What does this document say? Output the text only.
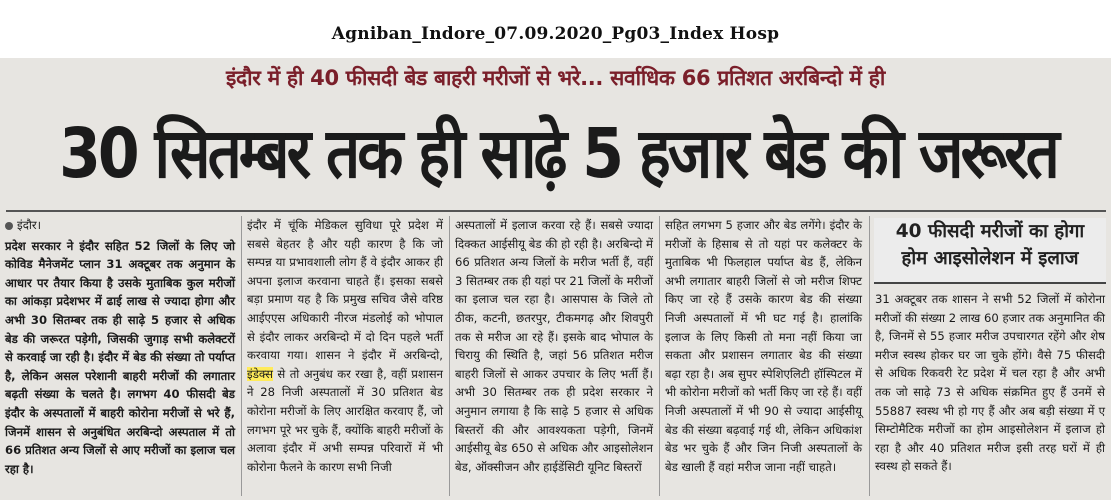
Agniban_Indore_07.09.2020_Pg03_Index Hosp
इंदौर में ही 40 फीसदी बेड बाहरी मरीजों से भरे... सर्वाधिक 66 प्रतिशत अरबिन्दो में ही
30 सितम्बर तक ही साढ़े 5 हजार बेड की जरूरत
इंदौर।

प्रदेश सरकार ने इंदौर सहित 52 जिलों के लिए जो कोविड मैनेजमेंट प्लान 31 अक्टूबर तक अनुमान के आधार पर तैयार किया है उसके मुताबिक कुल मरीजों का आंकड़ा प्रदेशभर में ढाई लाख से ज्यादा होगा और अभी 30 सितम्बर तक ही साढ़े 5 हजार से अधिक बेड की जरूरत पड़ेगी, जिसकी जुगाड़ सभी कलेक्टरों से करवाई जा रही है। इंदौर में बेड की संख्या तो पर्याप्त है, लेकिन असल परेशानी बाहरी मरीजों की लगातार बढ़ती संख्या के चलते है। लगभग 40 फीसदी बेड इंदौर के अस्पतालों में बाहरी कोरोना मरीजों से भरे हैं, जिनमें शासन से अनुबंधित अरबिन्दो अस्पताल में तो 66 प्रतिशत अन्य जिलों से आए मरीजों का इलाज चल रहा है।

इंदौर में चूंकि मेडिकल सुविधा पूरे प्रदेश में सबसे बेहतर है और यही कारण है कि जो सम्पन्न या प्रभावशाली लोग हैं वे इंदौर आकर ही अपना इलाज करवाना चाहते हैं। इसका सबसे बड़ा प्रमाण यह है कि प्रमुख सचिव जैसे वरिष्ठ आईएएस अधिकारी नीरज मंडलोई को भोपाल से इंदौर लाकर अरबिन्दो में दो दिन पहले भर्ती करवाया गया। शासन ने इंदौर में अरबिन्दो, इंडेक्स से तो अनुबंध कर रखा है, वहीं प्रशासन ने 28 निजी अस्पतालों में 30 प्रतिशत बेड कोरोना मरीजों के लिए आरक्षित करवाए हैं, जो लगभग पूरे भर चुके हैं, क्योंकि बाहरी मरीजों के अलावा इंदौर में अभी सम्पन्न परिवारों में भी कोरोना फैलने के कारण सभी निजी

अस्पतालों में इलाज करवा रहे हैं। सबसे ज्यादा दिक्कत आईसीयू बेड की हो रही है। अरबिन्दो में 66 प्रतिशत अन्य जिलों के मरीज भर्ती हैं, वहीं 3 सितम्बर तक ही यहां पर 21 जिलों के मरीजों का इलाज चल रहा है। आसपास के जिले तो ठीक, कटनी, छतरपुर, टीकमगढ़ और शिवपुरी तक से मरीज आ रहे हैं। इसके बाद भोपाल के चिरायु की स्थिति है, जहां 56 प्रतिशत मरीज बाहरी जिलों से आकर उपचार के लिए भर्ती हैं। अभी 30 सितम्बर तक ही प्रदेश सरकार ने अनुमान लगाया है कि साढ़े 5 हजार से अधिक बिस्तरों की और आवश्यकता पड़ेगी, जिनमें आईसीयू बेड 650 से अधिक और आइसोलेशन बेड, ऑक्सीजन और हाईडेंसिटी यूनिट बिस्तरों

सहित लगभग 5 हजार और बेड लगेंगे। इंदौर के मरीजों के हिसाब से तो यहां पर कलेक्टर के मुताबिक भी फिलहाल पर्याप्त बेड हैं, लेकिन अभी लगातार बाहरी जिलों से जो मरीज शिफ्ट किए जा रहे हैं उसके कारण बेड की संख्या निजी अस्पतालों में भी घट गई है। हालांकि इलाज के लिए किसी तो मना नहीं किया जा सकता और प्रशासन लगातार बेड की संख्या बढ़ा रहा है। अब सुपर स्पेशिएलिटी हॉस्पिटल में भी कोरोना मरीजों को भर्ती किए जा रहे हैं। वहीं निजी अस्पतालों में भी 90 से ज्यादा आईसीयू बेड की संख्या बढ़वाई गई थी, लेकिन अधिकांश बेड भर चुके हैं और जिन निजी अस्पतालों के बेड खाली हैं वहां मरीज जाना नहीं चाहते।

40 फीसदी मरीजों का होगा
होम आइसोलेशन में इलाज

31 अक्टूबर तक शासन ने सभी 52 जिलों में कोरोना मरीजों की संख्या 2 लाख 60 हजार तक अनुमानित की है, जिनमें से 55 हजार मरीज उपचारगत रहेंगे और शेष मरीज स्वस्थ होकर घर जा चुके होंगे। वैसे 75 फीसदी से अधिक रिकवरी रेट प्रदेश में चल रहा है और अभी तक जो साढ़े 73 से अधिक संक्रमित हुए हैं उनमें से 55887 स्वस्थ भी हो गए हैं और अब बड़ी संख्या में ए सिम्टोमैटिक मरीजों का होम आइसोलेशन में इलाज हो रहा है और 40 प्रतिशत मरीज इसी तरह घरों में ही स्वस्थ हो सकते हैं।
